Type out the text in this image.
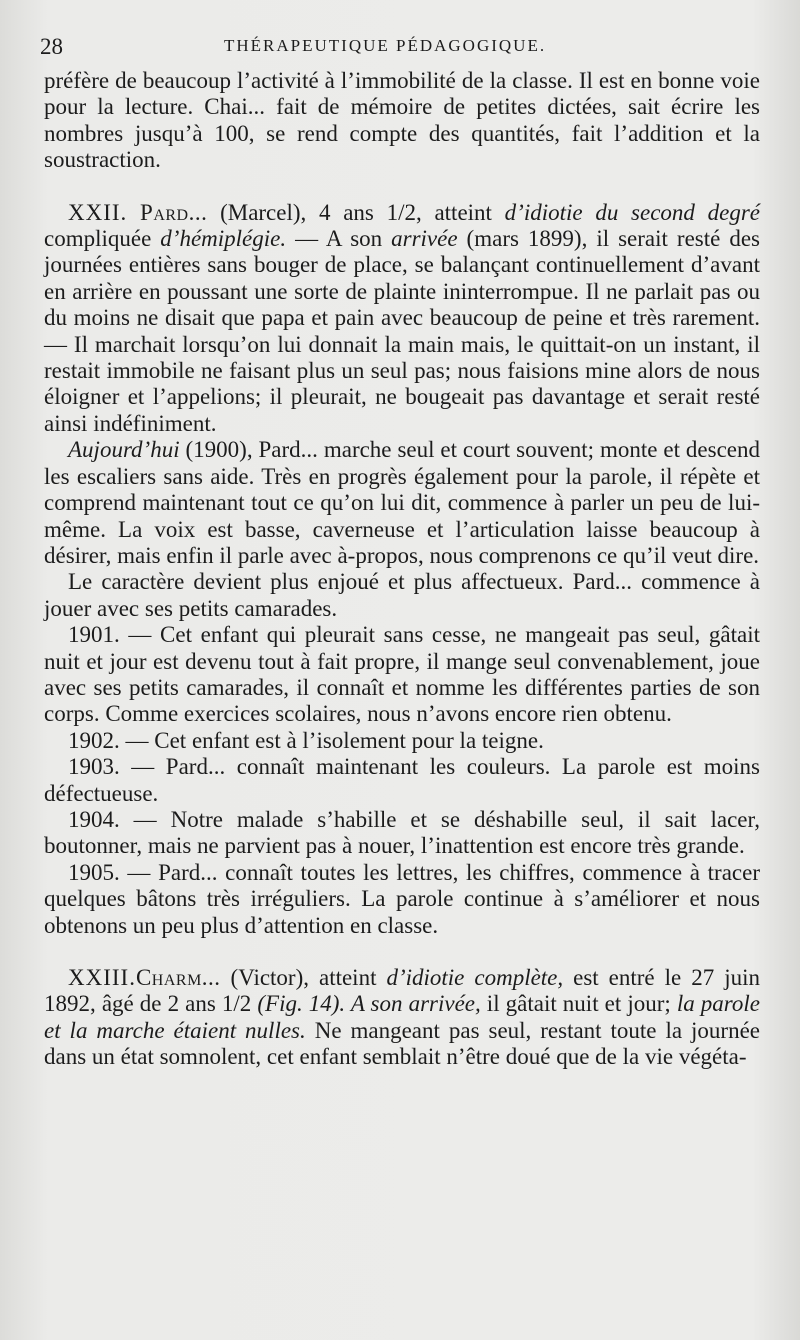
28	THÉRAPEUTIQUE PÉDAGOGIQUE.

préfère de beaucoup l’activité à l’immobilité de la classe. Il est en bonne voie pour la lecture. Chai... fait de mémoire de petites dictées, sait écrire les nombres jusqu’à 100, se rend compte des quantités, fait l’addition et la soustraction.

XXII. Pard... (Marcel), 4 ans 1/2, atteint d’idiotie du second degré compliquée d’hémiplégie. — A son arrivée (mars 1899), il serait resté des journées entières sans bouger de place, se balançant continuellement d’avant en arrière en poussant une sorte de plainte ininterrompue. Il ne parlait pas ou du moins ne disait que papa et pain avec beaucoup de peine et très rarement. — Il marchait lorsqu’on lui donnait la main mais, le quittait-on un instant, il restait immobile ne faisant plus un seul pas; nous faisions mine alors de nous éloigner et l’appelions; il pleurait, ne bougeait pas davantage et serait resté ainsi indéfiniment.

Aujourd’hui (1900), Pard... marche seul et court souvent; monte et descend les escaliers sans aide. Très en progrès également pour la parole, il répète et comprend maintenant tout ce qu’on lui dit, commence à parler un peu de lui-même. La voix est basse, caverneuse et l’articulation laisse beaucoup à désirer, mais enfin il parle avec à-propos, nous comprenons ce qu’il veut dire.

Le caractère devient plus enjoué et plus affectueux. Pard... commence à jouer avec ses petits camarades.

1901. — Cet enfant qui pleurait sans cesse, ne mangeait pas seul, gâtait nuit et jour est devenu tout à fait propre, il mange seul convenablement, joue avec ses petits camarades, il connaît et nomme les différentes parties de son corps. Comme exercices scolaires, nous n’avons encore rien obtenu.

1902. — Cet enfant est à l’isolement pour la teigne.

1903. — Pard... connaît maintenant les couleurs. La parole est moins défectueuse.

1904. — Notre malade s’habille et se déshabille seul, il sait lacer, boutonner, mais ne parvient pas à nouer, l’inattention est encore très grande.

1905. — Pard... connaît toutes les lettres, les chiffres, commence à tracer quelques bâtons très irréguliers. La parole continue à s’améliorer et nous obtenons un peu plus d’attention en classe.

XXIII.Charm... (Victor), atteint d’idiotie complète, est entré le 27 juin 1892, âgé de 2 ans 1/2 (Fig. 14). A son arrivée, il gâtait nuit et jour; la parole et la marche étaient nulles. Ne mangeant pas seul, restant toute la journée dans un état somnolent, cet enfant semblait n’être doué que de la vie végéta-
